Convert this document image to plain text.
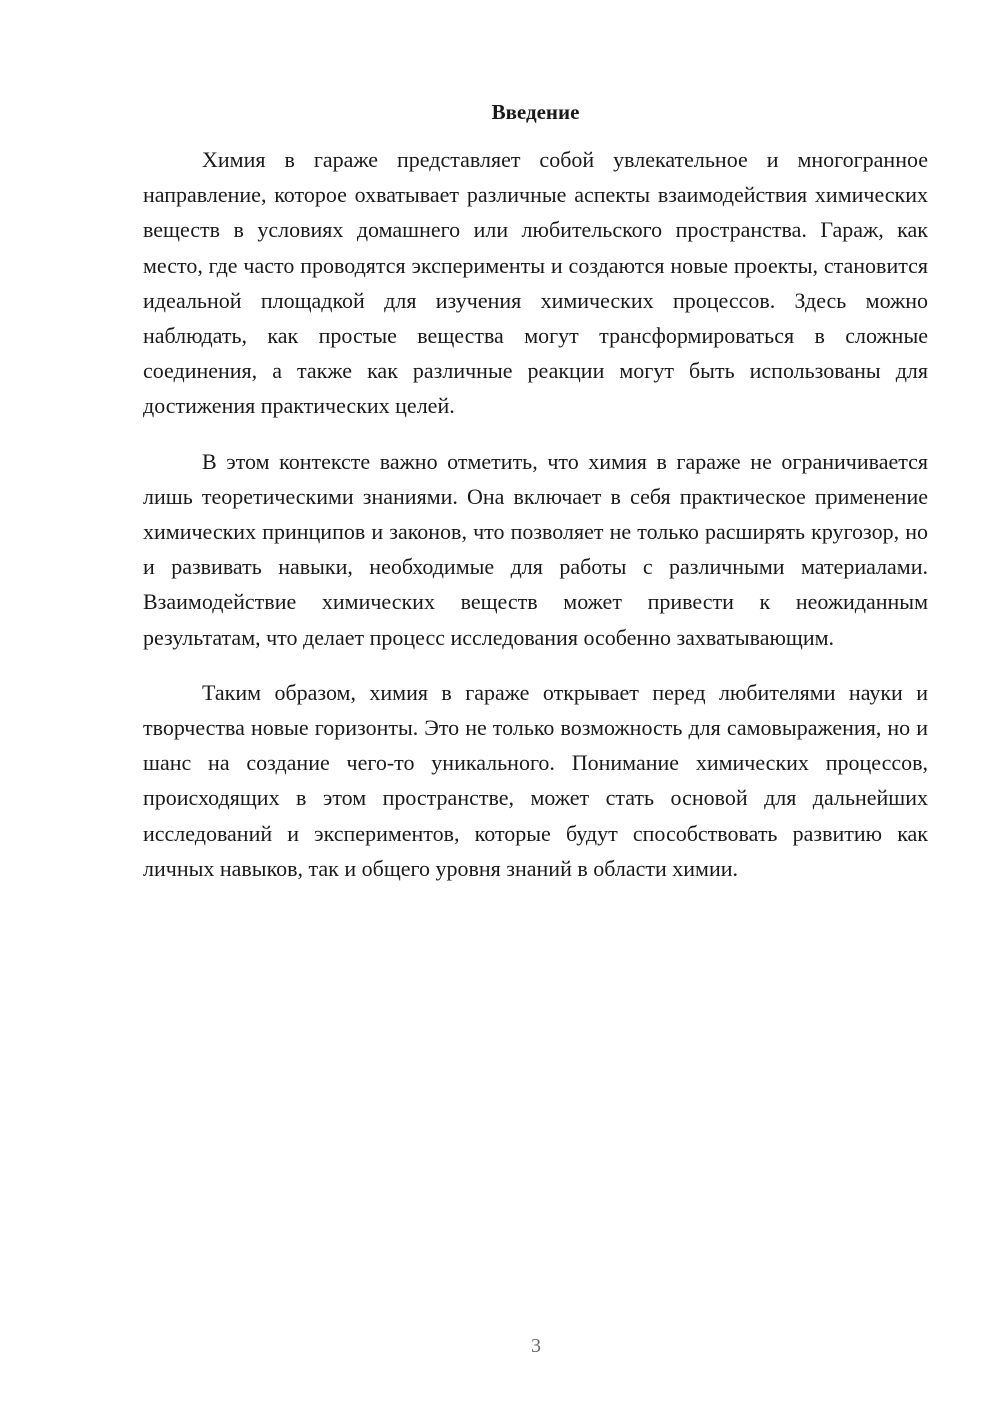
Введение

Химия в гараже представляет собой увлекательное и многогранное направление, которое охватывает различные аспекты взаимодействия химических веществ в условиях домашнего или любительского пространства. Гараж, как место, где часто проводятся эксперименты и создаются новые проекты, становится идеальной площадкой для изучения химических процессов. Здесь можно наблюдать, как простые вещества могут трансформироваться в сложные соединения, а также как различные реакции могут быть использованы для достижения практических целей.

В этом контексте важно отметить, что химия в гараже не ограничивается лишь теоретическими знаниями. Она включает в себя практическое применение химических принципов и законов, что позволяет не только расширять кругозор, но и развивать навыки, необходимые для работы с различными материалами. Взаимодействие химических веществ может привести к неожиданным результатам, что делает процесс исследования особенно захватывающим.

Таким образом, химия в гараже открывает перед любителями науки и творчества новые горизонты. Это не только возможность для самовыражения, но и шанс на создание чего-то уникального. Понимание химических процессов, происходящих в этом пространстве, может стать основой для дальнейших исследований и экспериментов, которые будут способствовать развитию как личных навыков, так и общего уровня знаний в области химии.

3
